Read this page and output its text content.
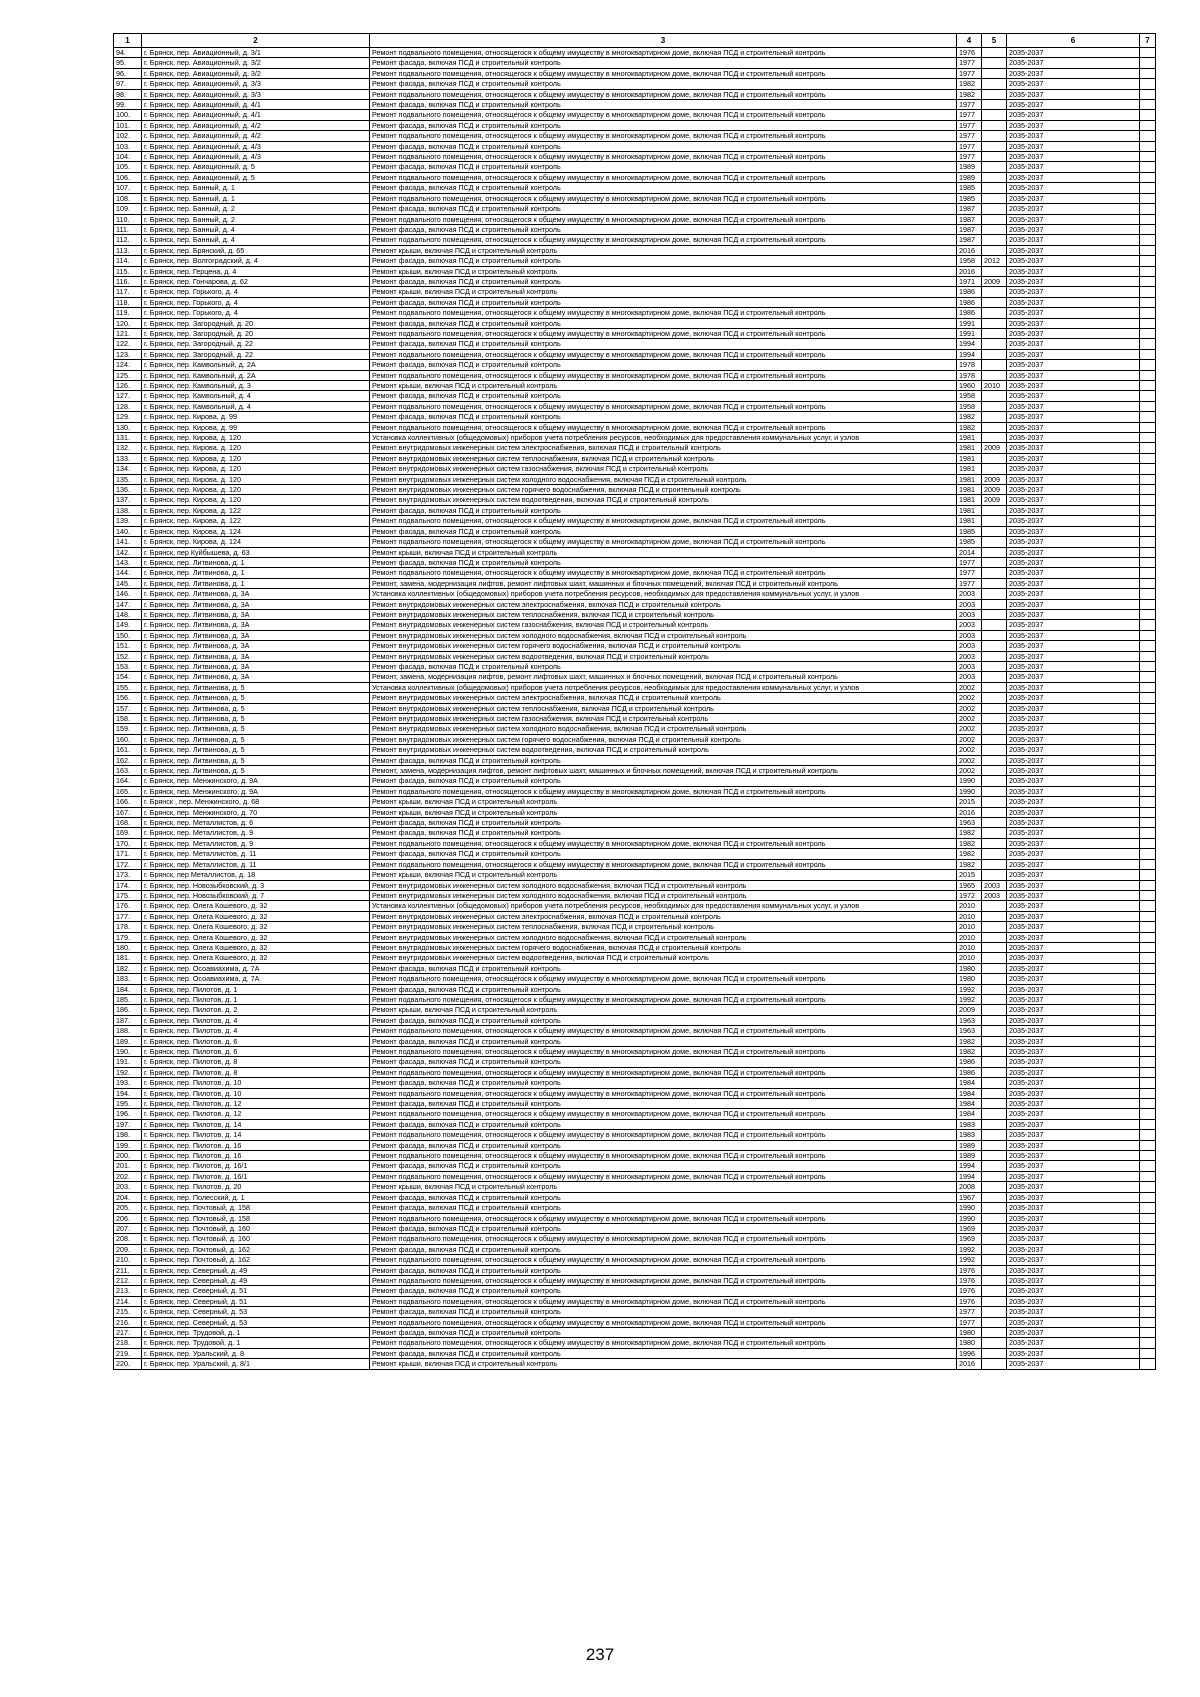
1	2	3	4	5	6	7
94.	г. Брянск, пер. Авиационный, д. 3/1	Ремонт подвального помещения, относящегося к общему имуществу в многоквартирном доме, включая ПСД и строительный контроль	1976		2035-2037	
95.	г. Брянск, пер. Авиационный, д. 3/2	Ремонт фасада, включая ПСД и строительный контроль	1977		2035-2037	
96.	г. Брянск, пер. Авиационный, д. 3/2	Ремонт подвального помещения, относящегося к общему имуществу в многоквартирном доме, включая ПСД и строительный контроль	1977		2035-2037	
97.	г. Брянск, пер. Авиационный, д. 3/3	Ремонт фасада, включая ПСД и строительный контроль	1982		2035-2037	
98.	г. Брянск, пер. Авиационный, д. 3/3	Ремонт подвального помещения, относящегося к общему имуществу в многоквартирном доме, включая ПСД и строительный контроль	1982		2035-2037	
99.	г. Брянск, пер. Авиационный, д. 4/1	Ремонт фасада, включая ПСД и строительный контроль	1977		2035-2037	
100.	г. Брянск, пер. Авиационный, д. 4/1	Ремонт подвального помещения, относящегося к общему имуществу в многоквартирном доме, включая ПСД и строительный контроль	1977		2035-2037	
101.	г. Брянск, пер. Авиационный, д. 4/2	Ремонт фасада, включая ПСД и строительный контроль	1977		2035-2037	
102.	г. Брянск, пер. Авиационный, д. 4/2	Ремонт подвального помещения, относящегося к общему имуществу в многоквартирном доме, включая ПСД и строительный контроль	1977		2035-2037	
103.	г. Брянск, пер. Авиационный, д. 4/3	Ремонт фасада, включая ПСД и строительный контроль	1977		2035-2037	
104.	г. Брянск, пер. Авиационный, д. 4/3	Ремонт подвального помещения, относящегося к общему имуществу в многоквартирном доме, включая ПСД и строительный контроль	1977		2035-2037	
105.	г. Брянск, пер. Авиационный, д. 5	Ремонт фасада, включая ПСД и строительный контроль	1989		2035-2037	
106.	г. Брянск, пер. Авиационный, д. 5	Ремонт подвального помещения, относящегося к общему имуществу в многоквартирном доме, включая ПСД и строительный контроль	1989		2035-2037	
107.	г. Брянск, пер. Банный, д. 1	Ремонт фасада, включая ПСД и строительный контроль	1985		2035-2037	
108.	г. Брянск, пер. Банный, д. 1	Ремонт подвального помещения, относящегося к общему имуществу в многоквартирном доме, включая ПСД и строительный контроль	1985		2035-2037	
109.	г. Брянск, пер. Банный, д. 2	Ремонт фасада, включая ПСД и строительный контроль	1987		2035-2037	
110.	г. Брянск, пер. Банный, д. 2	Ремонт подвального помещения, относящегося к общему имуществу в многоквартирном доме, включая ПСД и строительный контроль	1987		2035-2037	
111.	г. Брянск, пер. Банный, д. 4	Ремонт фасада, включая ПСД и строительный контроль	1987		2035-2037	
112.	г. Брянск, пер. Банный, д. 4	Ремонт подвального помещения, относящегося к общему имуществу в многоквартирном доме, включая ПСД и строительный контроль	1987		2035-2037	
113.	г. Брянск, пер. Брянский, д. 65	Ремонт крыши, включая ПСД и строительный контроль	2016		2035-2037	
114.	г. Брянск, пер. Волгоградский, д. 4	Ремонт фасада, включая ПСД и строительный контроль	1958	2012	2035-2037	
115.	г. Брянск, пер. Герцена, д. 4	Ремонт крыши, включая ПСД и строительный контроль	2016		2035-2037	
116.	г. Брянск, пер. Гончарова, д. 62	Ремонт фасада, включая ПСД и строительный контроль	1971	2009	2035-2037	
117.	г. Брянск, пер. Горького, д. 4	Ремонт крыши, включая ПСД и строительный контроль	1986		2035-2037	
118.	г. Брянск, пер. Горького, д. 4	Ремонт фасада, включая ПСД и строительный контроль	1986		2035-2037	
119.	г. Брянск, пер. Горького, д. 4	Ремонт подвального помещения, относящегося к общему имуществу в многоквартирном доме, включая ПСД и строительный контроль	1986		2035-2037	
120.	г. Брянск, пер. Загородный, д. 20	Ремонт фасада, включая ПСД и строительный контроль	1991		2035-2037	
121.	г. Брянск, пер. Загородный, д. 20	Ремонт подвального помещения, относящегося к общему имуществу в многоквартирном доме, включая ПСД и строительный контроль	1991		2035-2037	
122.	г. Брянск, пер. Загородный, д. 22	Ремонт фасада, включая ПСД и строительный контроль	1994		2035-2037	
123.	г. Брянск, пер. Загородный, д. 22	Ремонт подвального помещения, относящегося к общему имуществу в многоквартирном доме, включая ПСД и строительный контроль	1994		2035-2037	
124.	г. Брянск, пер. Камвольный, д. 2А	Ремонт фасада, включая ПСД и строительный контроль	1978		2035-2037	
125.	г. Брянск, пер. Камвольный, д. 2А	Ремонт подвального помещения, относящегося к общему имуществу в многоквартирном доме, включая ПСД и строительный контроль	1978		2035-2037	
126.	г. Брянск, пер. Камвольный, д. 3	Ремонт крыши, включая ПСД и строительный контроль	1960	2010	2035-2037	
127.	г. Брянск, пер. Камвольный, д. 4	Ремонт фасада, включая ПСД и строительный контроль	1958		2035-2037	
128.	г. Брянск, пер. Камвольный, д. 4	Ремонт подвального помещения, относящегося к общему имуществу в многоквартирном доме, включая ПСД и строительный контроль	1958		2035-2037	
129.	г. Брянск, пер. Кирова, д. 99	Ремонт фасада, включая ПСД и строительный контроль	1982		2035-2037	
130.	г. Брянск, пер. Кирова, д. 99	Ремонт подвального помещения, относящегося к общему имуществу в многоквартирном доме, включая ПСД и строительный контроль	1982		2035-2037	
131.	г. Брянск, пер. Кирова, д. 120	Установка коллективных (общедомовых) приборов учета потребления ресурсов, необходимых для предоставления коммунальных услуг, и узлов	1981		2035-2037	
132.	г. Брянск, пер. Кирова, д. 120	Ремонт внутридомовых инженерных систем электроснабжения, включая ПСД и строительный контроль	1981	2009	2035-2037	
133.	г. Брянск, пер. Кирова, д. 120	Ремонт внутридомовых инженерных систем теплоснабжения, включая ПСД и строительный контроль	1981		2035-2037	
134.	г. Брянск, пер. Кирова, д. 120	Ремонт внутридомовых инженерных систем газоснабжения, включая ПСД и строительный контроль	1981		2035-2037	
135.	г. Брянск, пер. Кирова, д. 120	Ремонт внутридомовых инженерных систем холодного водоснабжения, включая ПСД и строительный контроль	1981	2009	2035-2037	
136.	г. Брянск, пер. Кирова, д. 120	Ремонт внутридомовых инженерных систем горячего водоснабжения, включая ПСД и строительный контроль	1981	2009	2035-2037	
137.	г. Брянск, пер. Кирова, д. 120	Ремонт внутридомовых инженерных систем водоотведения, включая ПСД и строительный контроль	1981	2009	2035-2037	
138.	г. Брянск, пер. Кирова, д. 122	Ремонт фасада, включая ПСД и строительный контроль	1981		2035-2037	
139.	г. Брянск, пер. Кирова, д. 122	Ремонт подвального помещения, относящегося к общему имуществу в многоквартирном доме, включая ПСД и строительный контроль	1981		2035-2037	
140.	г. Брянск, пер. Кирова, д. 124	Ремонт фасада, включая ПСД и строительный контроль	1985		2035-2037	
141.	г. Брянск, пер. Кирова, д. 124	Ремонт подвального помещения, относящегося к общему имуществу в многоквартирном доме, включая ПСД и строительный контроль	1985		2035-2037	
142.	г. Брянск, пер Куйбышева, д. 63	Ремонт крыши, включая ПСД и строительный контроль	2014		2035-2037	
143.	г. Брянск, пер. Литвинова, д. 1	Ремонт фасада, включая ПСД и строительный контроль	1977		2035-2037	
144.	г. Брянск, пер. Литвинова, д. 1	Ремонт подвального помещения, относящегося к общему имуществу в многоквартирном доме, включая ПСД и строительный контроль	1977		2035-2037	
145.	г. Брянск, пер. Литвинова, д. 1	Ремонт, замена, модернизация лифтов, ремонт лифтовых шахт, машинных и блочных помещений, включая ПСД и строительный контроль	1977		2035-2037	
146.	г. Брянск, пер. Литвинова, д. 3А	Установка коллективных (общедомовых) приборов учета потребления ресурсов, необходимых для предоставления коммунальных услуг, и узлов	2003		2035-2037	
147.	г. Брянск, пер. Литвинова, д. 3А	Ремонт внутридомовых инженерных систем электроснабжения, включая ПСД и строительный контроль	2003		2035-2037	
148.	г. Брянск, пер. Литвинова, д. 3А	Ремонт внутридомовых инженерных систем теплоснабжения, включая ПСД и строительный контроль	2003		2035-2037	
149.	г. Брянск, пер. Литвинова, д. 3А	Ремонт внутридомовых инженерных систем газоснабжения, включая ПСД и строительный контроль	2003		2035-2037	
150.	г. Брянск, пер. Литвинова, д. 3А	Ремонт внутридомовых инженерных систем холодного водоснабжения, включая ПСД и строительный контроль	2003		2035-2037	
151.	г. Брянск, пер. Литвинова, д. 3А	Ремонт внутридомовых инженерных систем горячего водоснабжения, включая ПСД и строительный контроль	2003		2035-2037	
152.	г. Брянск, пер. Литвинова, д. 3А	Ремонт внутридомовых инженерных систем водоотведения, включая ПСД и строительный контроль	2003		2035-2037	
153.	г. Брянск, пер. Литвинова, д. 3А	Ремонт фасада, включая ПСД и строительный контроль	2003		2035-2037	
154.	г. Брянск, пер. Литвинова, д. 3А	Ремонт, замена, модернизация лифтов, ремонт лифтовых шахт, машинных и блочных помещений, включая ПСД и строительный контроль	2003		2035-2037	
155.	г. Брянск, пер. Литвинова, д. 5	Установка коллективных (общедомовых) приборов учета потребления ресурсов, необходимых для предоставления коммунальных услуг, и узлов	2002		2035-2037	
156.	г. Брянск, пер. Литвинова, д. 5	Ремонт внутридомовых инженерных систем электроснабжения, включая ПСД и строительный контроль	2002		2035-2037	
157.	г. Брянск, пер. Литвинова, д. 5	Ремонт внутридомовых инженерных систем теплоснабжения, включая ПСД и строительный контроль	2002		2035-2037	
158.	г. Брянск, пер. Литвинова, д. 5	Ремонт внутридомовых инженерных систем газоснабжения, включая ПСД и строительный контроль	2002		2035-2037	
159.	г. Брянск, пер. Литвинова, д. 5	Ремонт внутридомовых инженерных систем холодного водоснабжения, включая ПСД и строительный контроль	2002		2035-2037	
160.	г. Брянск, пер. Литвинова, д. 5	Ремонт внутридомовых инженерных систем горячего водоснабжения, включая ПСД и строительный контроль	2002		2035-2037	
161.	г. Брянск, пер. Литвинова, д. 5	Ремонт внутридомовых инженерных систем водоотведения, включая ПСД и строительный контроль	2002		2035-2037	
162.	г. Брянск, пер. Литвинова, д. 5	Ремонт фасада, включая ПСД и строительный контроль	2002		2035-2037	
163.	г. Брянск, пер. Литвинова, д. 5	Ремонт, замена, модернизация лифтов, ремонт лифтовых шахт, машинных и блочных помещений, включая ПСД и строительный контроль	2002		2035-2037	
164.	г. Брянск, пер. Менжинского, д. 9А	Ремонт фасада, включая ПСД и строительный контроль	1990		2035-2037	
165.	г. Брянск, пер. Менжинского, д. 9А	Ремонт подвального помещения, относящегося к общему имуществу в многоквартирном доме, включая ПСД и строительный контроль	1990		2035-2037	
166.	г. Брянск , пер. Менжинского, д. 68	Ремонт крыши, включая ПСД и строительный контроль	2015		2035-2037	
167.	г. Брянск, пер. Менжинского, д. 70	Ремонт крыши, включая ПСД и строительный контроль	2016		2035-2037	
168.	г. Брянск, пер. Металлистов, д. 6	Ремонт фасада, включая ПСД и строительный контроль	1963		2035-2037	
169.	г. Брянск, пер. Металлистов, д. 9	Ремонт фасада, включая ПСД и строительный контроль	1982		2035-2037	
170.	г. Брянск, пер. Металлистов, д. 9	Ремонт подвального помещения, относящегося к общему имуществу в многоквартирном доме, включая ПСД и строительный контроль	1982		2035-2037	
171.	г. Брянск, пер. Металлистов, д. 11	Ремонт фасада, включая ПСД и строительный контроль	1982		2035-2037	
172.	г. Брянск, пер. Металлистов, д. 11	Ремонт подвального помещения, относящегося к общему имуществу в многоквартирном доме, включая ПСД и строительный контроль	1982		2035-2037	
173.	г. Брянск, пер Металлистов, д. 18	Ремонт крыши, включая ПСД и строительный контроль	2015		2035-2037	
174.	г. Брянск, пер. Новозыбковский, д. 3	Ремонт внутридомовых инженерных систем холодного водоснабжения, включая ПСД и строительный контроль	1965	2003	2035-2037	
175.	г. Брянск, пер. Новозыбковский, д. 7	Ремонт внутридомовых инженерных систем холодного водоснабжения, включая ПСД и строительный контроль	1972	2003	2035-2037	
176.	г. Брянск, пер. Олега Кошевого, д. 32	Установка коллективных (общедомовых) приборов учета потребления ресурсов, необходимых для предоставления коммунальных услуг, и узлов	2010		2035-2037	
177.	г. Брянск, пер. Олега Кошевого, д. 32	Ремонт внутридомовых инженерных систем электроснабжения, включая ПСД и строительный контроль	2010		2035-2037	
178.	г. Брянск, пер. Олега Кошевого, д. 32	Ремонт внутридомовых инженерных систем теплоснабжения, включая ПСД и строительный контроль	2010		2035-2037	
179.	г. Брянск, пер. Олега Кошевого, д. 32	Ремонт внутридомовых инженерных систем холодного водоснабжения, включая ПСД и строительный контроль	2010		2035-2037	
180.	г. Брянск, пер. Олега Кошевого, д. 32	Ремонт внутридомовых инженерных систем горячего водоснабжения, включая ПСД и строительный контроль	2010		2035-2037	
181.	г. Брянск, пер. Олега Кошевого, д. 32	Ремонт внутридомовых инженерных систем водоотведения, включая ПСД и строительный контроль	2010		2035-2037	
182.	г. Брянск, пер. Осоавиахима, д. 7А	Ремонт фасада, включая ПСД и строительный контроль	1980		2035-2037	
183.	г. Брянск, пер. Осоавиахима, д. 7А	Ремонт подвального помещения, относящегося к общему имуществу в многоквартирном доме, включая ПСД и строительный контроль	1980		2035-2037	
184.	г. Брянск, пер. Пилотов, д. 1	Ремонт фасада, включая ПСД и строительный контроль	1992		2035-2037	
185.	г. Брянск, пер. Пилотов, д. 1	Ремонт подвального помещения, относящегося к общему имуществу в многоквартирном доме, включая ПСД и строительный контроль	1992		2035-2037	
186.	г. Брянск, пер. Пилотов, д. 2	Ремонт крыши, включая ПСД и строительный контроль	2009		2035-2037	
187.	г. Брянск, пер. Пилотов, д. 4	Ремонт фасада, включая ПСД и строительный контроль	1963		2035-2037	
188.	г. Брянск, пер. Пилотов, д. 4	Ремонт подвального помещения, относящегося к общему имуществу в многоквартирном доме, включая ПСД и строительный контроль	1963		2035-2037	
189.	г. Брянск, пер. Пилотов, д. 6	Ремонт фасада, включая ПСД и строительный контроль	1982		2035-2037	
190.	г. Брянск, пер. Пилотов, д. 6	Ремонт подвального помещения, относящегося к общему имуществу в многоквартирном доме, включая ПСД и строительный контроль	1982		2035-2037	
191.	г. Брянск, пер. Пилотов, д. 8	Ремонт фасада, включая ПСД и строительный контроль	1986		2035-2037	
192.	г. Брянск, пер. Пилотов, д. 8	Ремонт подвального помещения, относящегося к общему имуществу в многоквартирном доме, включая ПСД и строительный контроль	1986		2035-2037	
193.	г. Брянск, пер. Пилотов, д. 10	Ремонт фасада, включая ПСД и строительный контроль	1984		2035-2037	
194.	г. Брянск, пер. Пилотов, д. 10	Ремонт подвального помещения, относящегося к общему имуществу в многоквартирном доме, включая ПСД и строительный контроль	1984		2035-2037	
195.	г. Брянск, пер. Пилотов, д. 12	Ремонт фасада, включая ПСД и строительный контроль	1984		2035-2037	
196.	г. Брянск, пер. Пилотов, д. 12	Ремонт подвального помещения, относящегося к общему имуществу в многоквартирном доме, включая ПСД и строительный контроль	1984		2035-2037	
197.	г. Брянск, пер. Пилотов, д. 14	Ремонт фасада, включая ПСД и строительный контроль	1983		2035-2037	
198.	г. Брянск, пер. Пилотов, д. 14	Ремонт подвального помещения, относящегося к общему имуществу в многоквартирном доме, включая ПСД и строительный контроль	1983		2035-2037	
199.	г. Брянск, пер. Пилотов, д. 16	Ремонт фасада, включая ПСД и строительный контроль	1989		2035-2037	
200.	г. Брянск, пер. Пилотов, д. 16	Ремонт подвального помещения, относящегося к общему имуществу в многоквартирном доме, включая ПСД и строительный контроль	1989		2035-2037	
201.	г. Брянск, пер. Пилотов, д. 16/1	Ремонт фасада, включая ПСД и строительный контроль	1994		2035-2037	
202.	г. Брянск, пер. Пилотов, д. 16/1	Ремонт подвального помещения, относящегося к общему имуществу в многоквартирном доме, включая ПСД и строительный контроль	1994		2035-2037	
203.	г. Брянск, пер. Пилотов, д. 20	Ремонт крыши, включая ПСД и строительный контроль	2008		2035-2037	
204.	г. Брянск, пер. Полесский, д. 1	Ремонт фасада, включая ПСД и строительный контроль	1967		2035-2037	
205.	г. Брянск, пер. Почтовый, д. 158	Ремонт фасада, включая ПСД и строительный контроль	1990		2035-2037	
206.	г. Брянск, пер. Почтовый, д. 158	Ремонт подвального помещения, относящегося к общему имуществу в многоквартирном доме, включая ПСД и строительный контроль	1990		2035-2037	
207.	г. Брянск, пер. Почтовый, д. 160	Ремонт фасада, включая ПСД и строительный контроль	1969		2035-2037	
208.	г. Брянск, пер. Почтовый, д. 160	Ремонт подвального помещения, относящегося к общему имуществу в многоквартирном доме, включая ПСД и строительный контроль	1969		2035-2037	
209.	г. Брянск, пер. Почтовый, д. 162	Ремонт фасада, включая ПСД и строительный контроль	1992		2035-2037	
210.	г. Брянск, пер. Почтовый, д. 162	Ремонт подвального помещения, относящегося к общему имуществу в многоквартирном доме, включая ПСД и строительный контроль	1992		2035-2037	
211.	г. Брянск, пер. Северный, д. 49	Ремонт фасада, включая ПСД и строительный контроль	1976		2035-2037	
212.	г. Брянск, пер. Северный, д. 49	Ремонт подвального помещения, относящегося к общему имуществу в многоквартирном доме, включая ПСД и строительный контроль	1976		2035-2037	
213.	г. Брянск, пер. Северный, д. 51	Ремонт фасада, включая ПСД и строительный контроль	1976		2035-2037	
214.	г. Брянск, пер. Северный, д. 51	Ремонт подвального помещения, относящегося к общему имуществу в многоквартирном доме, включая ПСД и строительный контроль	1976		2035-2037	
215.	г. Брянск, пер. Северный, д. 53	Ремонт фасада, включая ПСД и строительный контроль	1977		2035-2037	
216.	г. Брянск, пер. Северный, д. 53	Ремонт подвального помещения, относящегося к общему имуществу в многоквартирном доме, включая ПСД и строительный контроль	1977		2035-2037	
217.	г. Брянск, пер. Трудовой, д. 1	Ремонт фасада, включая ПСД и строительный контроль	1980		2035-2037	
218.	г. Брянск, пер. Трудовой, д. 1	Ремонт подвального помещения, относящегося к общему имуществу в многоквартирном доме, включая ПСД и строительный контроль	1980		2035-2037	
219.	г. Брянск, пер. Уральский, д. 8	Ремонт фасада, включая ПСД и строительный контроль	1996		2035-2037	
220.	г. Брянск, пер. Уральский, д. 8/1	Ремонт крыши, включая ПСД и строительный контроль	2016		2035-2037	
237
